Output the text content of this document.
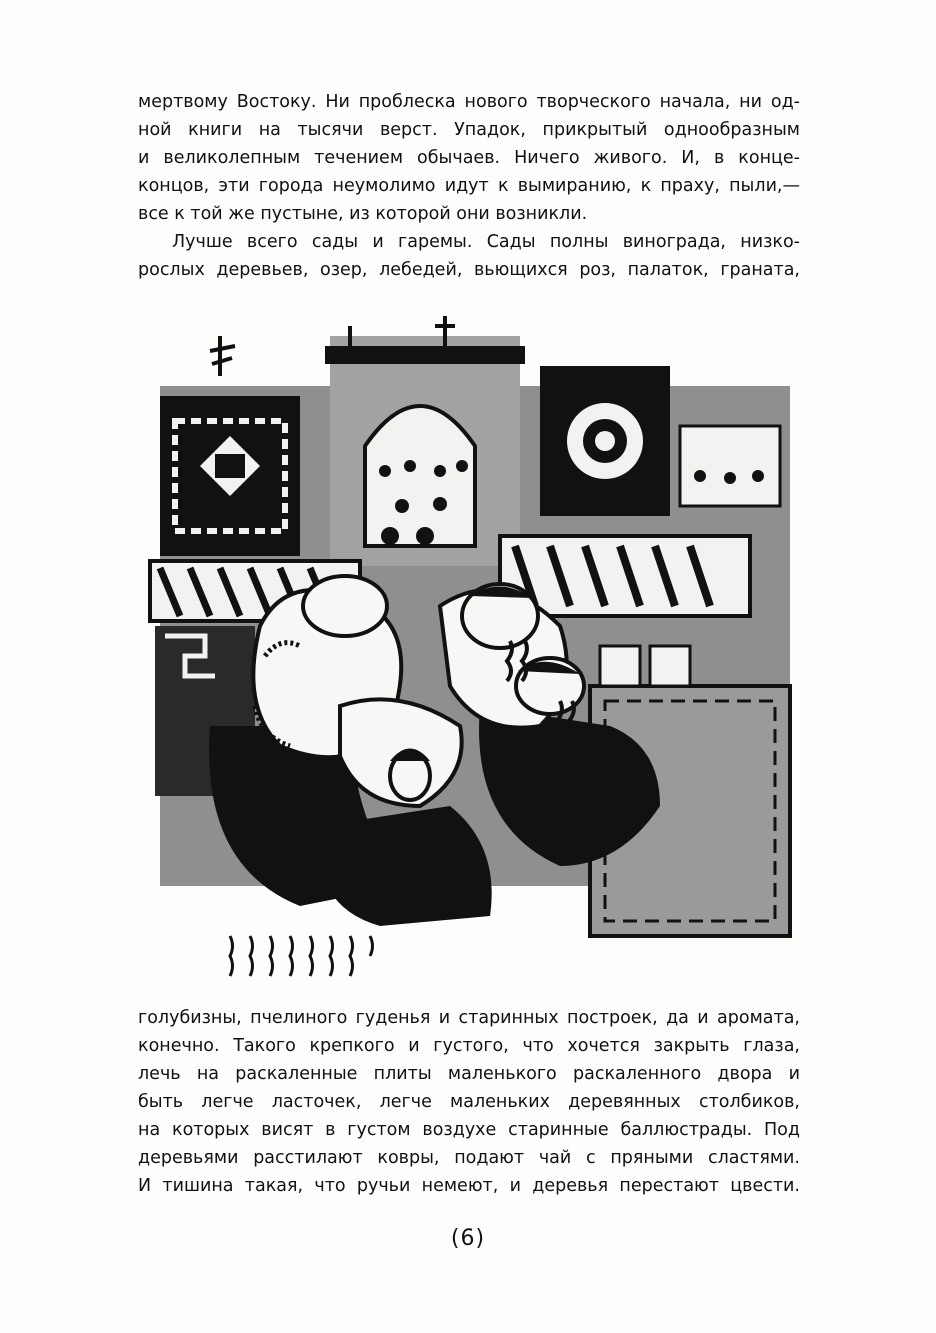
мертвому Востоку. Ни проблеска нового творческого начала, ни од-
ной книги на тысячи верст. Упадок, прикрытый однообразным
и великолепным течением обычаев. Ничего живого. И, в конце-
концов, эти города неумолимо идут к вымиранию, к праху, пыли,—
все к той же пустыне, из которой они возникли.

Лучше всего сады и гаремы. Сады полны винограда, низко-
рослых деревьев, озер, лебедей, вьющихся роз, палаток, граната,

голубизны, пчелиного гуденья и старинных построек, да и аромата,
конечно. Такого крепкого и густого, что хочется закрыть глаза,
лечь на раскаленные плиты маленького раскаленного двора и
быть легче ласточек, легче маленьких деревянных столбиков,
на которых висят в густом воздухе старинные баллюстрады. Под
деревьями расстилают ковры, подают чай с пряными сластями.
И тишина такая, что ручьи немеют, и деревья перестают цвести.

(6)
